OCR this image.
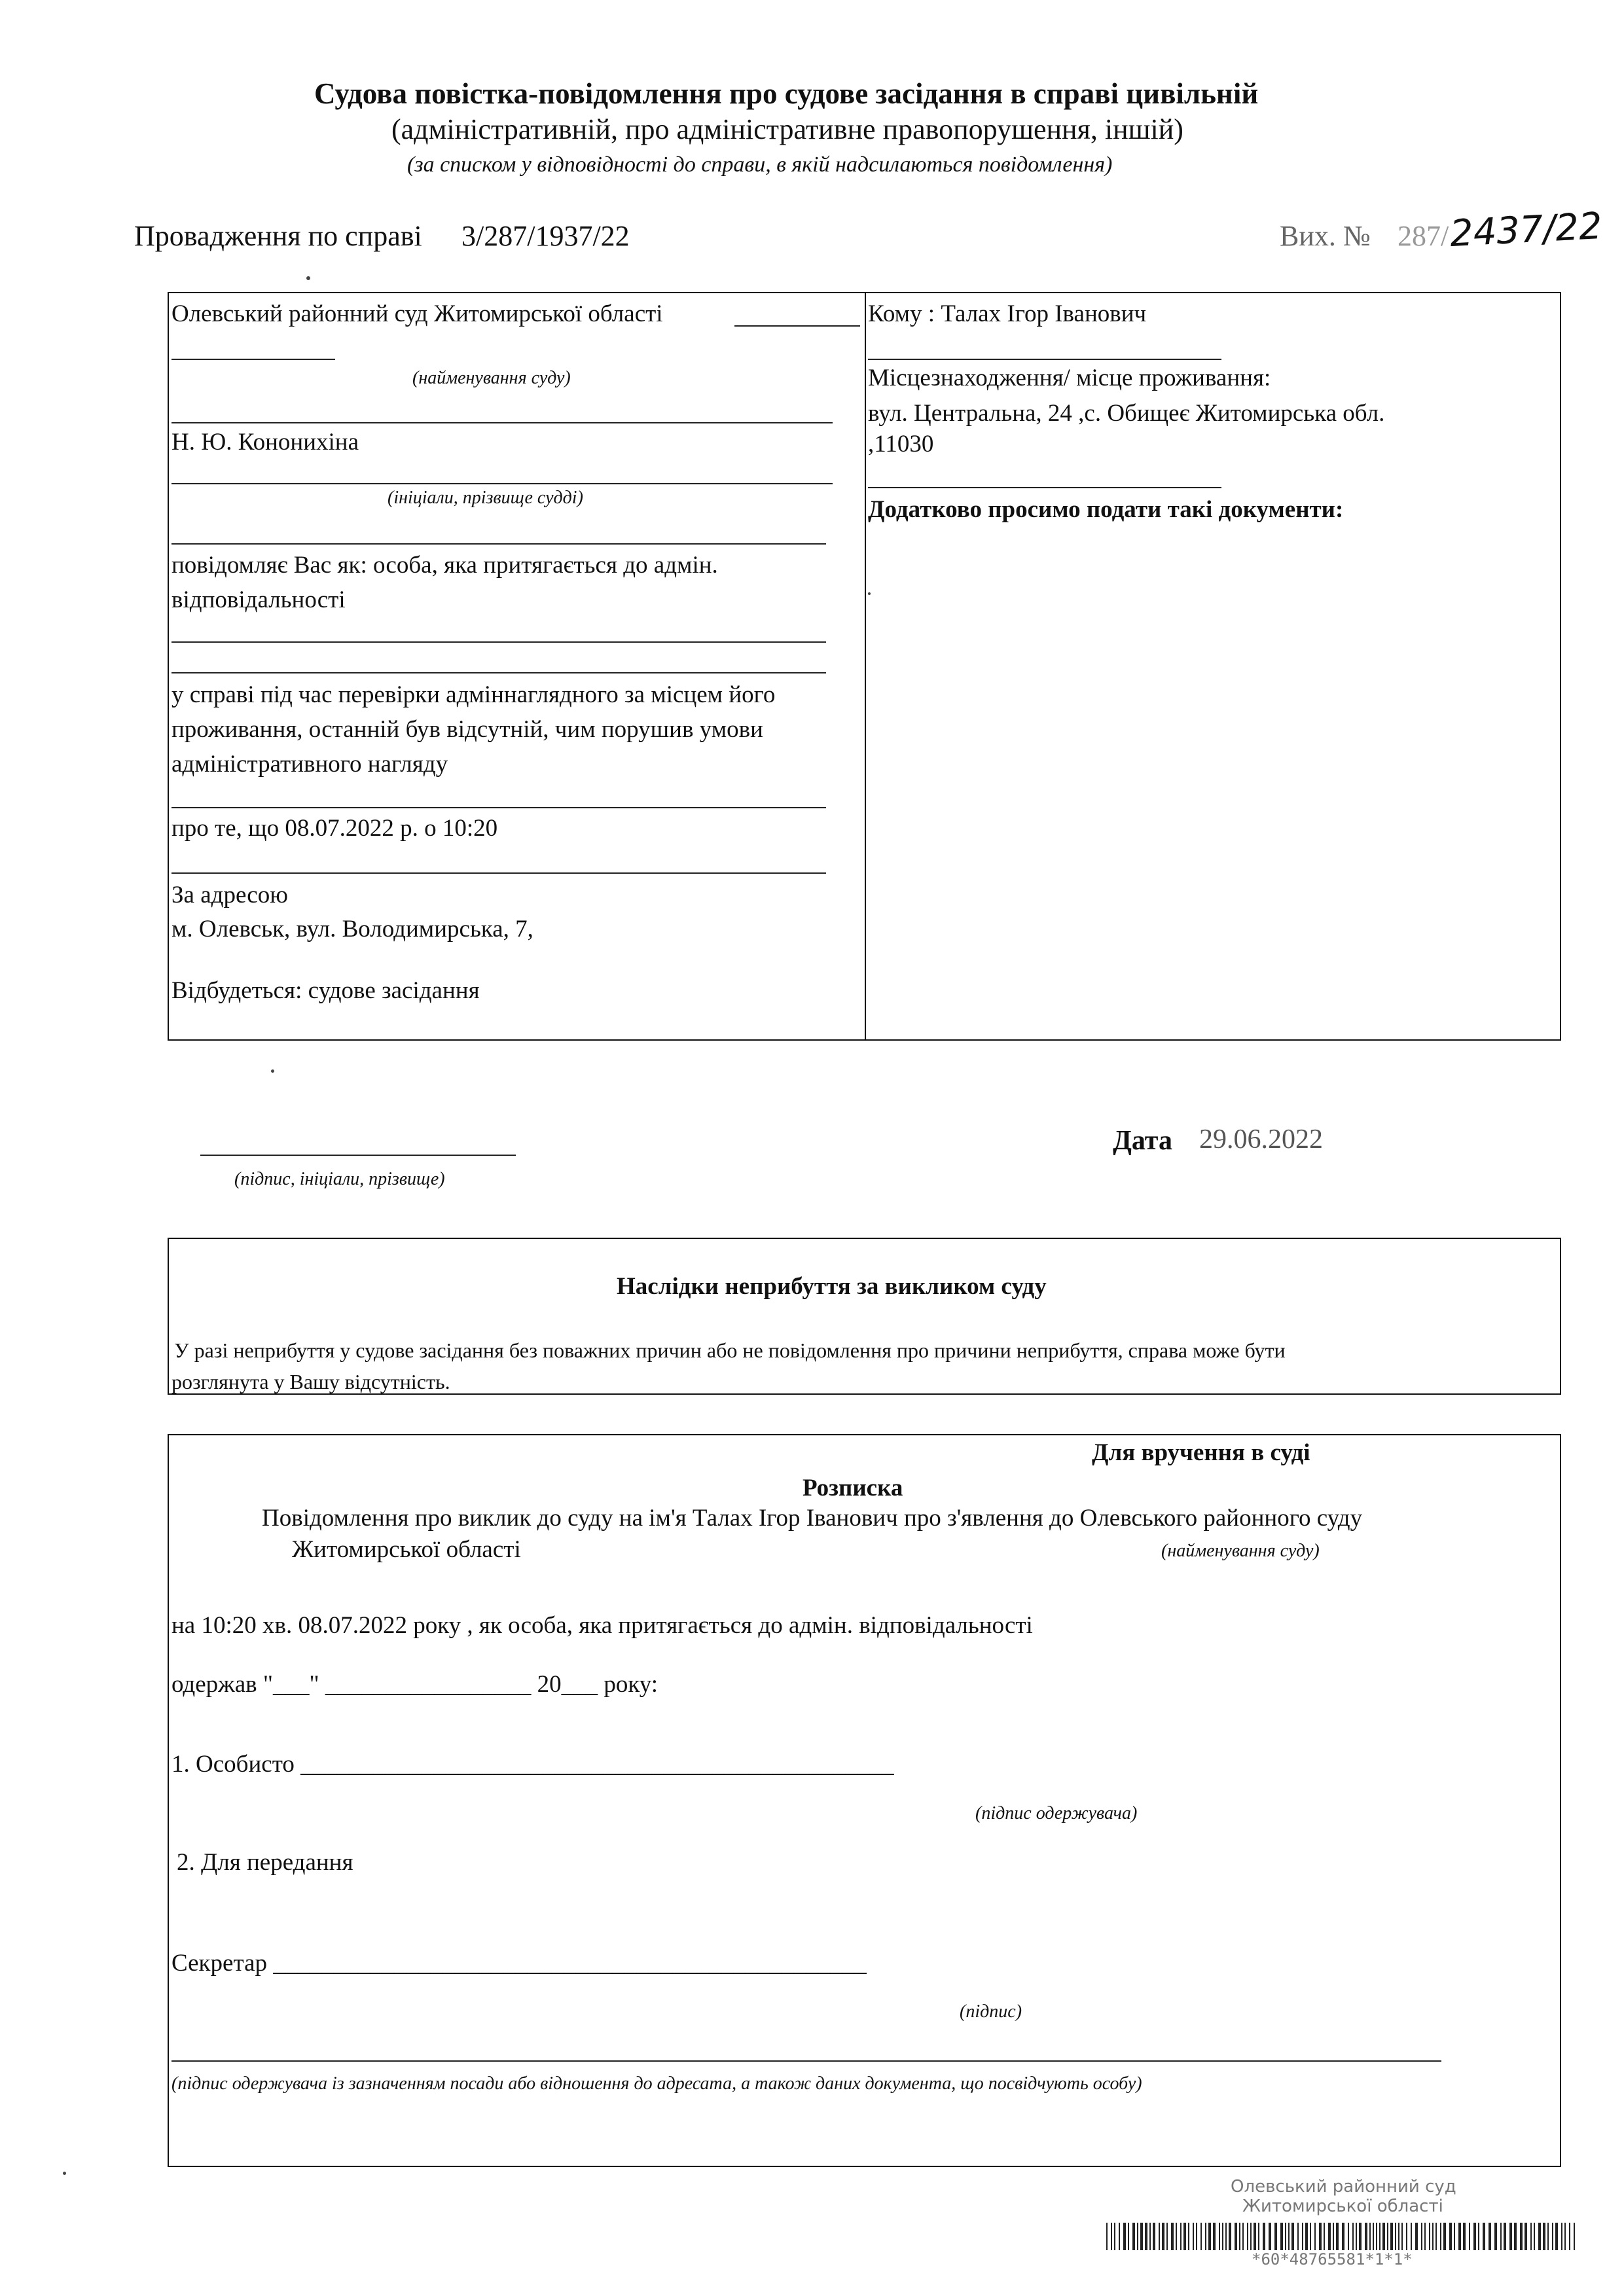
Судова повістка-повідомлення про судове засідання в справі цивільній
(адміністративній, про адміністративне правопорушення, іншій)
(за списком у відповідності до справи, в якій надсилаються повідомлення)
Провадження по справі 3/287/1937/22	Вих. № 287/ 2437/22
Олевський районний суд Житомирської області
(найменування суду)
Н. Ю. Кононихіна
(ініціали, прізвище судді)
повідомляє Вас як: особа, яка притягається до адмін.
відповідальності
у справі під час перевірки адміннаглядного за місцем його
проживання, останній був відсутній, чим порушив умови
адміністративного нагляду
про те, що 08.07.2022 р. о 10:20
За адресою
м. Олевськ, вул. Володимирська, 7,
Відбудеться: судове засідання
Кому : Талах Ігор Іванович
Місцезнаходження/ місце проживання:
вул. Центральна, 24 ,с. Обищеє Житомирська обл.
,11030
Додатково просимо подати такі документи:
(підпис, ініціали, прізвище)
Дата 29.06.2022
Наслідки неприбуття за викликом суду
У разі неприбуття у судове засідання без поважних причин або не повідомлення про причини неприбуття, справа може бути
розглянута у Вашу відсутність.
Для вручення в суді
Розписка
Повідомлення про виклик до суду на ім'я Талах Ігор Іванович про з'явлення до Олевського районного суду
Житомирської області	(найменування суду)
на 10:20 хв. 08.07.2022 року , як особа, яка притягається до адмін. відповідальності
одержав "___" _________________ 20___ року:
1. Особисто _________________________________________________
(підпис одержувача)
2. Для передання
Секретар _________________________________________________
(підпис)
(підпис одержувача із зазначенням посади або відношення до адресата, а також даних документа, що посвідчують особу)
Олевський районний суд
Житомирської області
*60*48765581*1*1*
